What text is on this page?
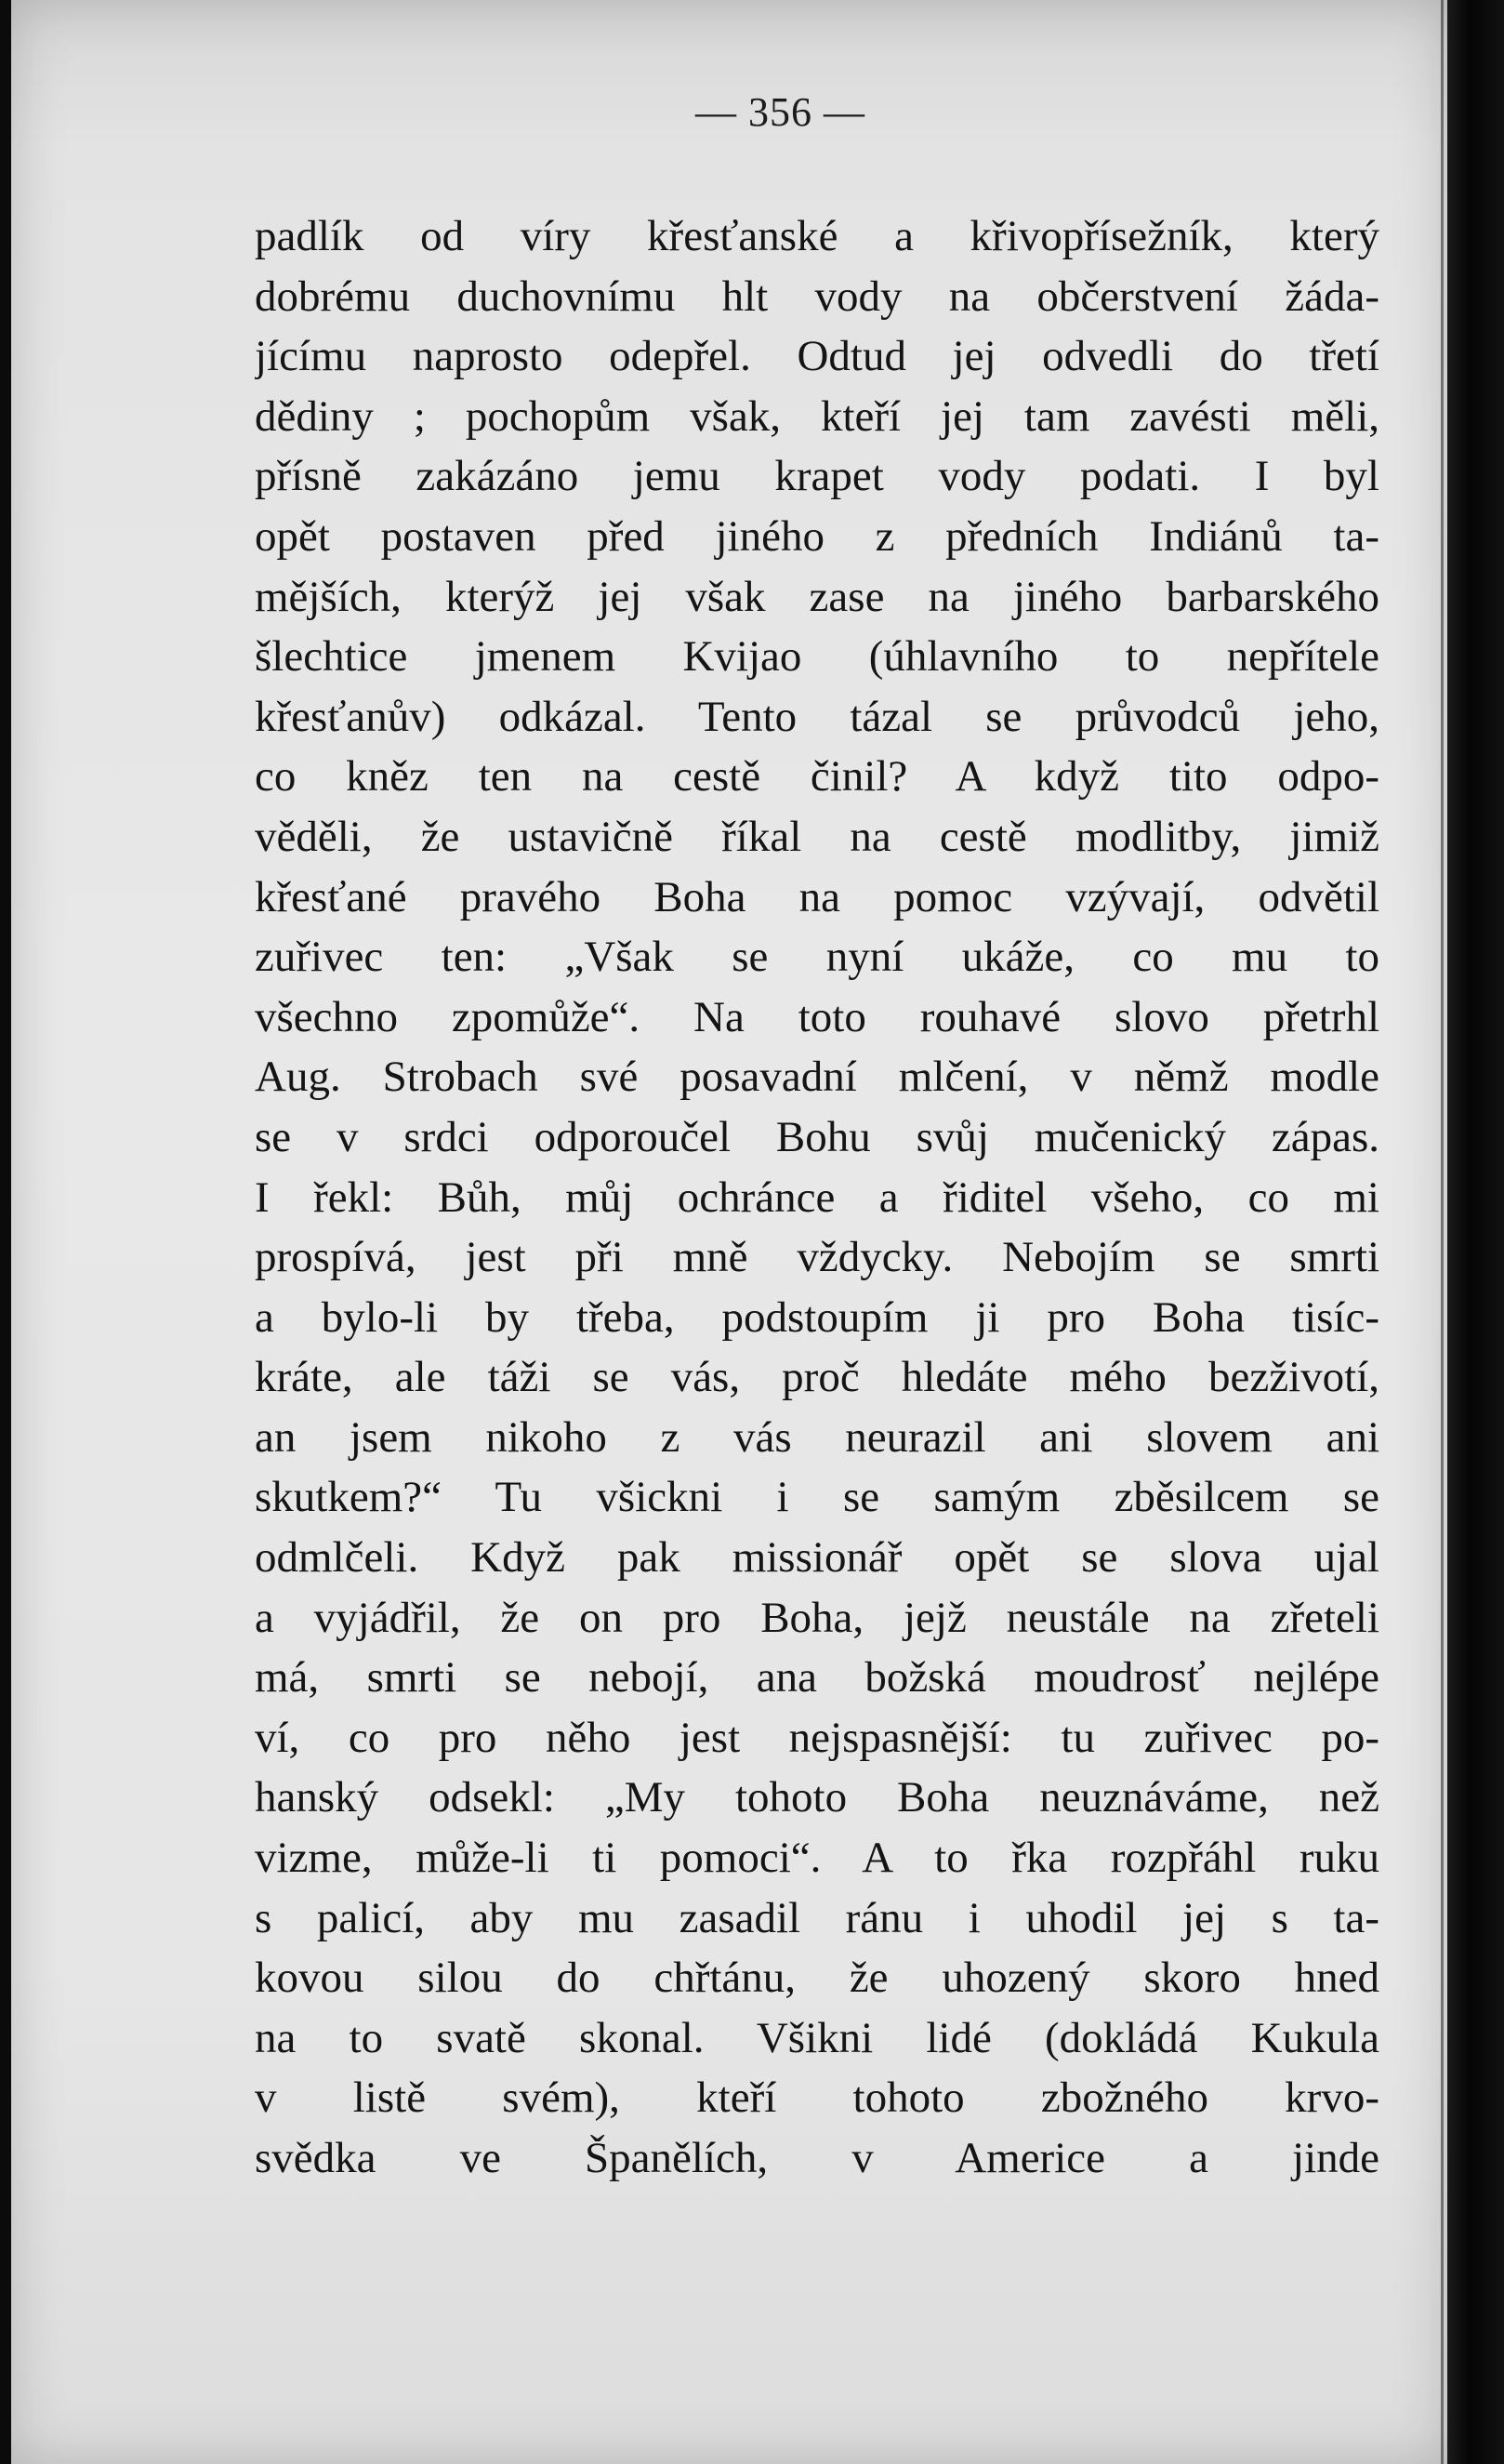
— 356 —
padlík od víry křesťanské a křivopřísežník, který
dobrému duchovnímu hlt vody na občerstvení žáda-
jícímu naprosto odepřel. Odtud jej odvedli do třetí
dědiny ; pochopům však, kteří jej tam zavésti měli,
přísně zakázáno jemu krapet vody podati. I byl
opět postaven před jiného z předních Indiánů ta-
mějších, kterýž jej však zase na jiného barbarského
šlechtice jmenem Kvijao (úhlavního to nepřítele
křesťanův) odkázal. Tento tázal se průvodců jeho,
co kněz ten na cestě činil? A když tito odpo-
věděli, že ustavičně říkal na cestě modlitby, jimiž
křesťané pravého Boha na pomoc vzývají, odvětil
zuřivec ten: „Však se nyní ukáže, co mu to
všechno zpomůže“. Na toto rouhavé slovo přetrhl
Aug. Strobach své posavadní mlčení, v němž modle
se v srdci odporoučel Bohu svůj mučenický zápas.
I řekl: Bůh, můj ochránce a řiditel všeho, co mi
prospívá, jest při mně vždycky. Nebojím se smrti
a bylo-li by třeba, podstoupím ji pro Boha tisíc-
kráte, ale táži se vás, proč hledáte mého bezživotí,
an jsem nikoho z vás neurazil ani slovem ani
skutkem?“ Tu všickni i se samým zběsilcem se
odmlčeli. Když pak missionář opět se slova ujal
a vyjádřil, že on pro Boha, jejž neustále na zřeteli
má, smrti se nebojí, ana božská moudrosť nejlépe
ví, co pro něho jest nejspasnější: tu zuřivec po-
hanský odsekl: „My tohoto Boha neuznáváme, než
vizme, může-li ti pomoci“. A to řka rozpřáhl ruku
s palicí, aby mu zasadil ránu i uhodil jej s ta-
kovou silou do chřtánu, že uhozený skoro hned
na to svatě skonal. Všikni lidé (dokládá Kukula
v listě svém), kteří tohoto zbožného krvo-
svědka ve Španělích, v Americe a jinde
